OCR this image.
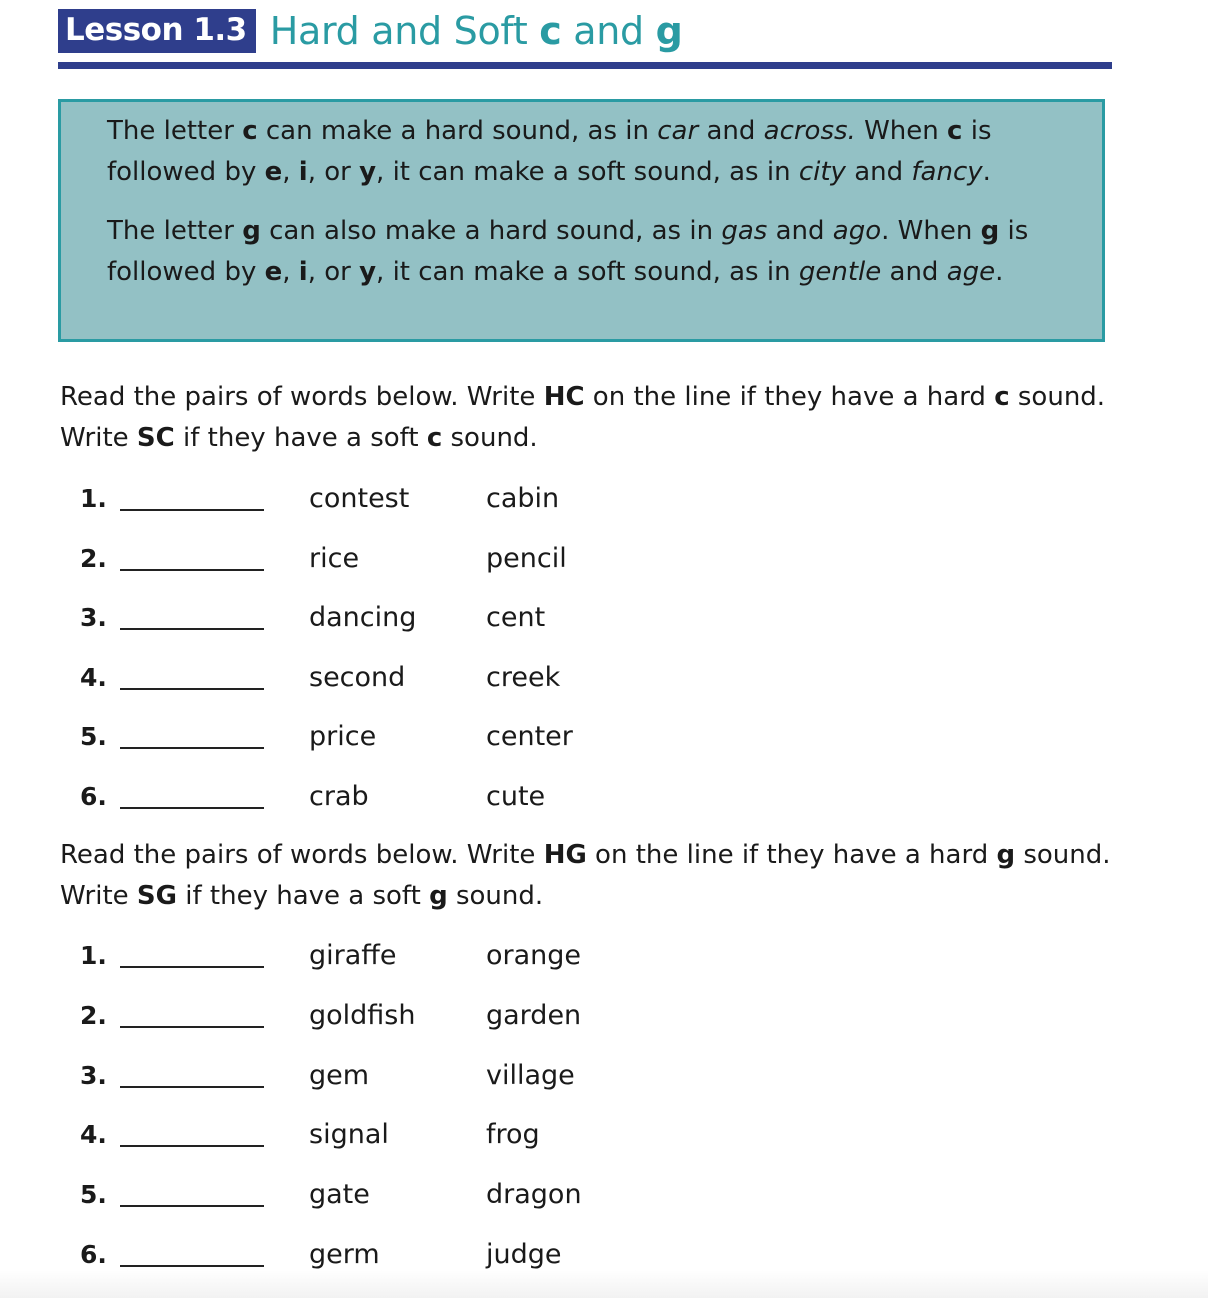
Lesson 1.3 Hard and Soft c and g
The letter c can make a hard sound, as in car and across. When c is followed by e, i, or y, it can make a soft sound, as in city and fancy.
The letter g can also make a hard sound, as in gas and ago. When g is followed by e, i, or y, it can make a soft sound, as in gentle and age.
Read the pairs of words below. Write HC on the line if they have a hard c sound. Write SC if they have a soft c sound.
1.	contest	cabin
2.	rice	pencil
3.	dancing	cent
4.	second	creek
5.	price	center
6.	crab	cute
Read the pairs of words below. Write HG on the line if they have a hard g sound. Write SG if they have a soft g sound.
1.	giraffe	orange
2.	goldfish	garden
3.	gem	village
4.	signal	frog
5.	gate	dragon
6.	germ	judge
